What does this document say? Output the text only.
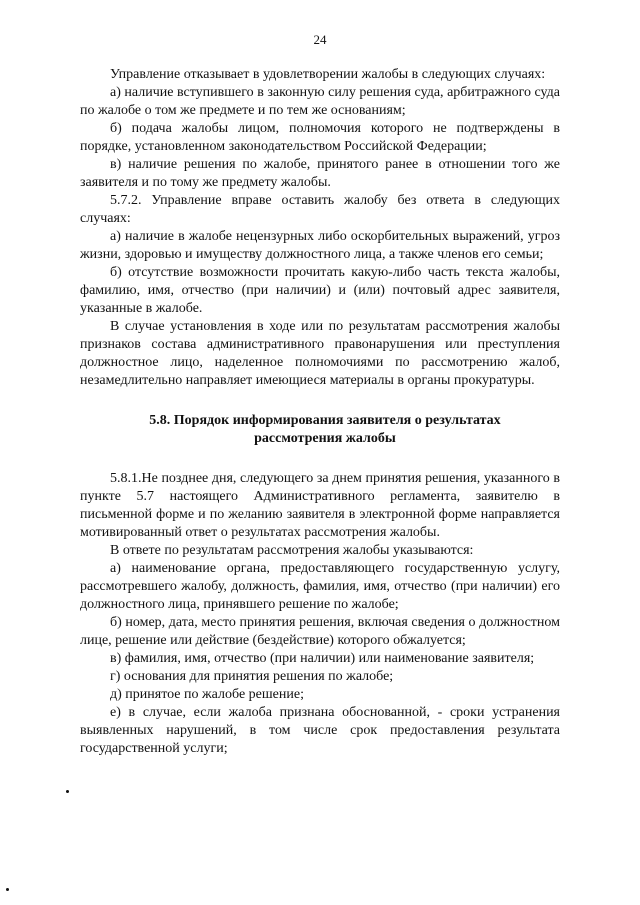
24

Управление отказывает в удовлетворении жалобы в следующих случаях:

а) наличие вступившего в законную силу решения суда, арбитражного суда по жалобе о том же предмете и по тем же основаниям;

б) подача жалобы лицом, полномочия которого не подтверждены в порядке, установленном законодательством Российской Федерации;

в) наличие решения по жалобе, принятого ранее в отношении того же заявителя и по тому же предмету жалобы.

5.7.2. Управление вправе оставить жалобу без ответа в следующих случаях:

а) наличие в жалобе нецензурных либо оскорбительных выражений, угроз жизни, здоровью и имуществу должностного лица, а также членов его семьи;

б) отсутствие возможности прочитать какую-либо часть текста жалобы, фамилию, имя, отчество (при наличии) и (или) почтовый адрес заявителя, указанные в жалобе.

В случае установления в ходе или по результатам рассмотрения жалобы признаков состава административного правонарушения или преступления должностное лицо, наделенное полномочиями по рассмотрению жалоб, незамедлительно направляет имеющиеся материалы в органы прокуратуры.

5.8. Порядок информирования заявителя о результатах рассмотрения жалобы

5.8.1.Не позднее дня, следующего за днем принятия решения, указанного в пункте 5.7 настоящего Административного регламента, заявителю в письменной форме и по желанию заявителя в электронной форме направляется мотивированный ответ о результатах рассмотрения жалобы.

В ответе по результатам рассмотрения жалобы указываются:

а) наименование органа, предоставляющего государственную услугу, рассмотревшего жалобу, должность, фамилия, имя, отчество (при наличии) его должностного лица, принявшего решение по жалобе;

б) номер, дата, место принятия решения, включая сведения о должностном лице, решение или действие (бездействие) которого обжалуется;

в) фамилия, имя, отчество (при наличии) или наименование заявителя;

г) основания для принятия решения по жалобе;

д) принятое по жалобе решение;

е) в случае, если жалоба признана обоснованной, - сроки устранения выявленных нарушений, в том числе срок предоставления результата государственной услуги;
